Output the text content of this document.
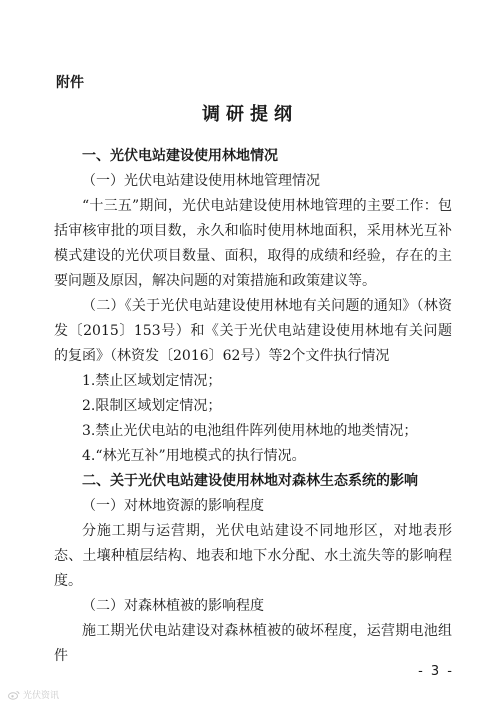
附件
调研提纲

一、光伏电站建设使用林地情况

（一）光伏电站建设使用林地管理情况

“十三五”期间，光伏电站建设使用林地管理的主要工作：包括审核审批的项目数，永久和临时使用林地面积，采用林光互补模式建设的光伏项目数量、面积，取得的成绩和经验，存在的主要问题及原因，解决问题的对策措施和政策建议等。

（二）《关于光伏电站建设使用林地有关问题的通知》（林资发〔2015〕153号）和《关于光伏电站建设使用林地有关问题的复函》（林资发〔2016〕62号）等2个文件执行情况

1.禁止区域划定情况；

2.限制区域划定情况；

3.禁止光伏电站的电池组件阵列使用林地的地类情况；

4.“林光互补”用地模式的执行情况。

二、关于光伏电站建设使用林地对森林生态系统的影响

（一）对林地资源的影响程度

分施工期与运营期，光伏电站建设不同地形区，对地表形态、土壤种植层结构、地表和地下水分配、水土流失等的影响程度。

（二）对森林植被的影响程度

施工期光伏电站建设对森林植被的破坏程度，运营期电池组件

- 3 -
光伏资讯
